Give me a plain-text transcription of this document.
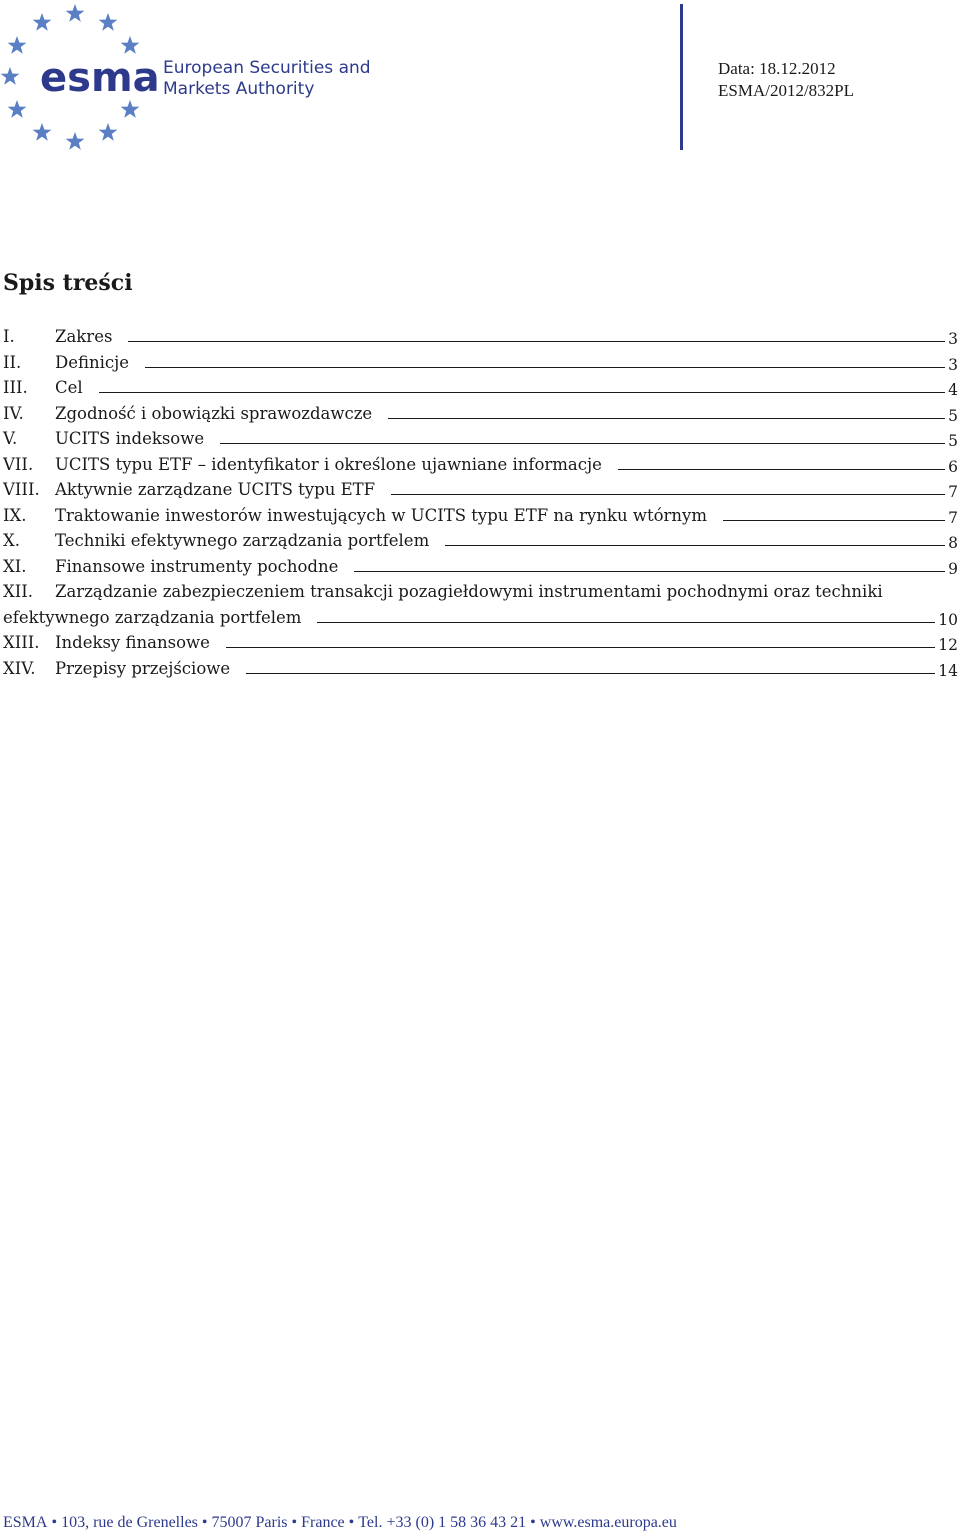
esma European Securities and
Markets Authority
Data: 18.12.2012
ESMA/2012/832PL
Spis treści
I. Zakres	3
II. Definicje	3
III. Cel	4
IV. Zgodność i obowiązki sprawozdawcze	5
V. UCITS indeksowe	5
VII. UCITS typu ETF – identyfikator i określone ujawniane informacje	6
VIII. Aktywnie zarządzane UCITS typu ETF	7
IX. Traktowanie inwestorów inwestujących w UCITS typu ETF na rynku wtórnym	7
X. Techniki efektywnego zarządzania portfelem	8
XI. Finansowe instrumenty pochodne	9
XII. Zarządzanie zabezpieczeniem transakcji pozagiełdowymi instrumentami pochodnymi oraz techniki
efektywnego zarządzania portfelem	10
XIII. Indeksy finansowe	12
XIV. Przepisy przejściowe	14
ESMA • 103, rue de Grenelles • 75007 Paris • France • Tel. +33 (0) 1 58 36 43 21 • www.esma.europa.eu
